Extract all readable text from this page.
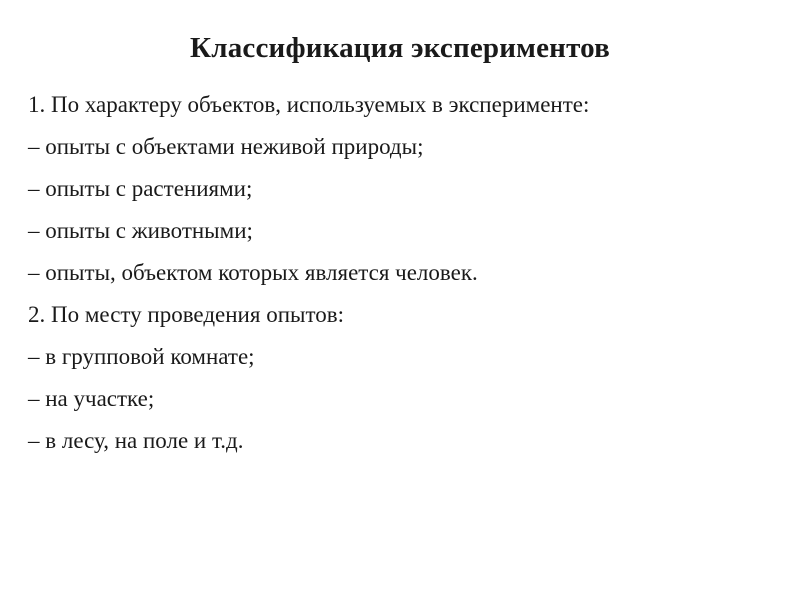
Классификация экспериментов
1. По характеру объектов, используемых в эксперименте:
– опыты с объектами неживой природы;
– опыты с растениями;
– опыты с животными;
– опыты, объектом которых является человек.
2. По месту проведения опытов:
– в групповой комнате;
– на участке;
– в лесу, на поле и т.д.
